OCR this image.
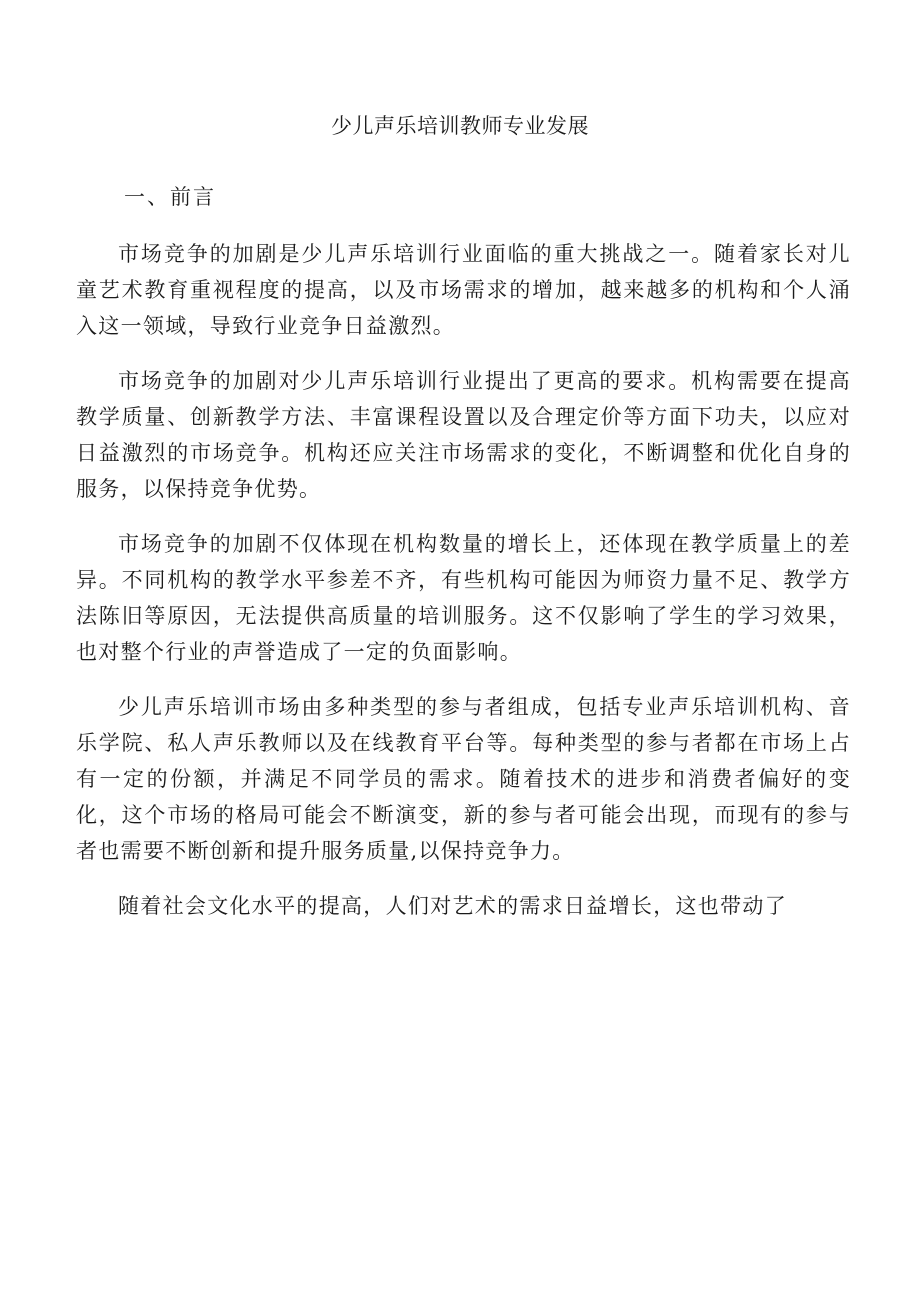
少儿声乐培训教师专业发展
一、前言

市场竞争的加剧是少儿声乐培训行业面临的重大挑战之一。随着家长对儿童艺术教育重视程度的提高，以及市场需求的增加，越来越多的机构和个人涌入这一领域，导致行业竞争日益激烈。

市场竞争的加剧对少儿声乐培训行业提出了更高的要求。机构需要在提高教学质量、创新教学方法、丰富课程设置以及合理定价等方面下功夫，以应对日益激烈的市场竞争。机构还应关注市场需求的变化，不断调整和优化自身的服务，以保持竞争优势。

市场竞争的加剧不仅体现在机构数量的增长上，还体现在教学质量上的差异。不同机构的教学水平参差不齐，有些机构可能因为师资力量不足、教学方法陈旧等原因，无法提供高质量的培训服务。这不仅影响了学生的学习效果，也对整个行业的声誉造成了一定的负面影响。

少儿声乐培训市场由多种类型的参与者组成，包括专业声乐培训机构、音乐学院、私人声乐教师以及在线教育平台等。每种类型的参与者都在市场上占有一定的份额，并满足不同学员的需求。随着技术的进步和消费者偏好的变化，这个市场的格局可能会不断演变，新的参与者可能会出现，而现有的参与者也需要不断创新和提升服务质量,以保持竞争力。

随着社会文化水平的提高，人们对艺术的需求日益增长，这也带动了
